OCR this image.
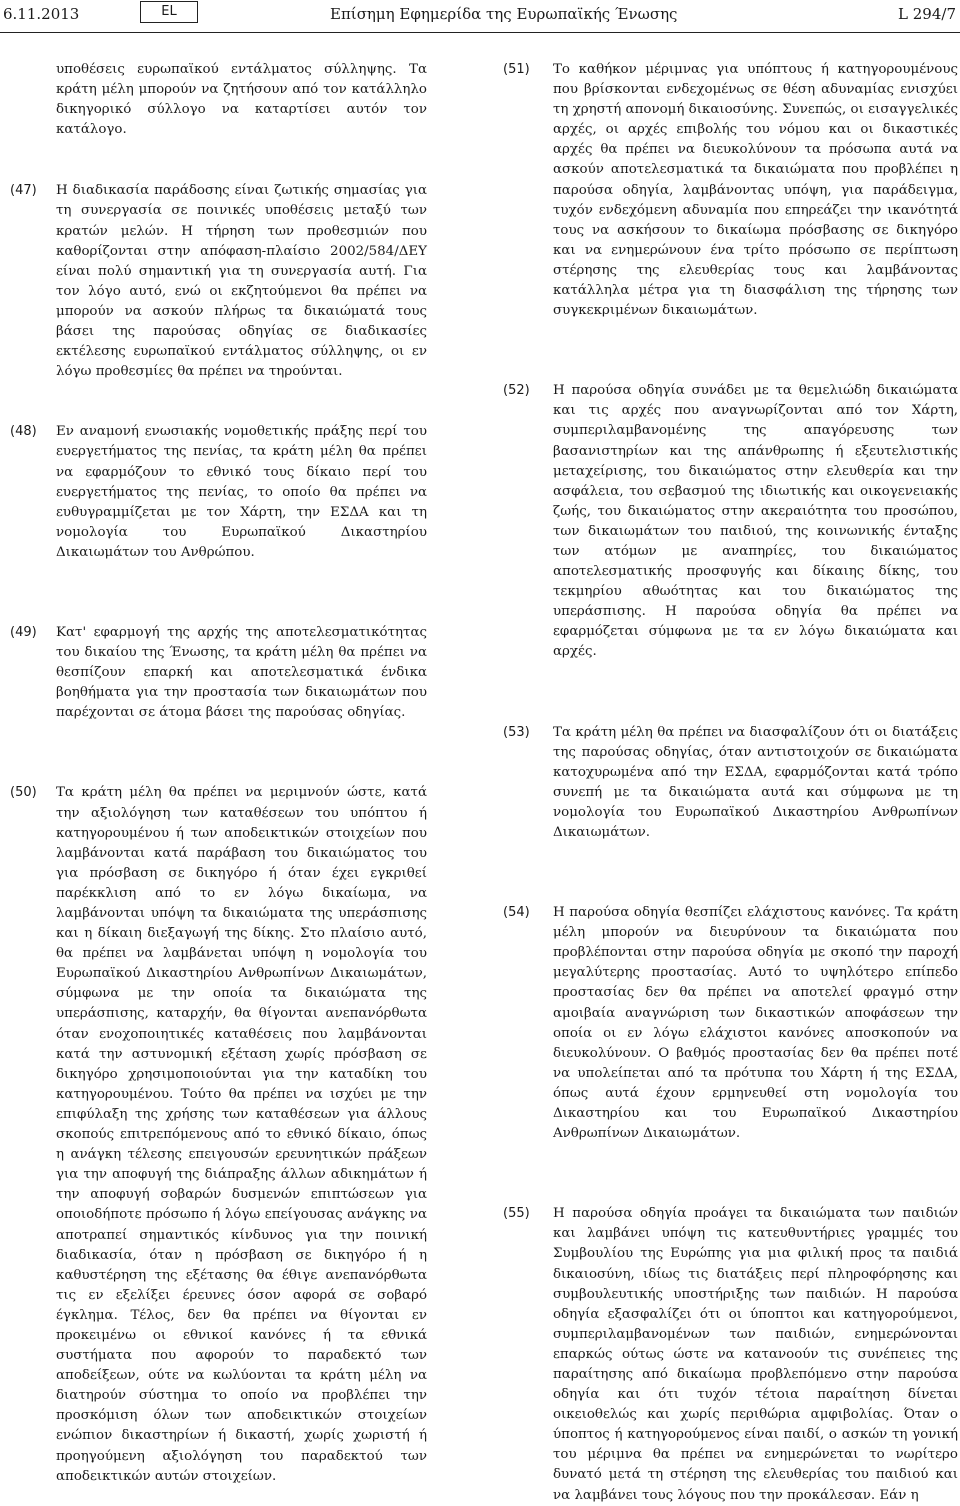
6.11.2013	EL	Επίσημη Εφημερίδα της Ευρωπαϊκής Ένωσης	L 294/7

υποθέσεις ευρωπαϊκού εντάλματος σύλληψης. Τα κράτη μέλη μπορούν να ζητήσουν από τον κατάλληλο δικηγορικό σύλλογο να καταρτίσει αυτόν τον κατάλογο.

(47) Η διαδικασία παράδοσης είναι ζωτικής σημασίας για τη συνεργασία σε ποινικές υποθέσεις μεταξύ των κρατών μελών. Η τήρηση των προθεσμιών που καθορίζονται στην απόφαση-πλαίσιο 2002/584/ΔΕΥ είναι πολύ σημαντική για τη συνεργασία αυτή. Για τον λόγο αυτό, ενώ οι εκζητούμενοι θα πρέπει να μπορούν να ασκούν πλήρως τα δικαιώματά τους βάσει της παρούσας οδηγίας σε διαδικασίες εκτέλεσης ευρωπαϊκού εντάλματος σύλληψης, οι εν λόγω προθεσμίες θα πρέπει να τηρούνται.

(48) Εν αναμονή ενωσιακής νομοθετικής πράξης περί του ευεργετήματος της πενίας, τα κράτη μέλη θα πρέπει να εφαρμόζουν το εθνικό τους δίκαιο περί του ευεργετήματος της πενίας, το οποίο θα πρέπει να ευθυγραμμίζεται με τον Χάρτη, την ΕΣΔΑ και τη νομολογία του Ευρωπαϊκού Δικαστηρίου Δικαιωμάτων του Ανθρώπου.

(49) Κατ' εφαρμογή της αρχής της αποτελεσματικότητας του δικαίου της Ένωσης, τα κράτη μέλη θα πρέπει να θεσπίζουν επαρκή και αποτελεσματικά ένδικα βοηθήματα για την προστασία των δικαιωμάτων που παρέχονται σε άτομα βάσει της παρούσας οδηγίας.

(50) Τα κράτη μέλη θα πρέπει να μεριμνούν ώστε, κατά την αξιολόγηση των καταθέσεων του υπόπτου ή κατηγορουμένου ή των αποδεικτικών στοιχείων που λαμβάνονται κατά παράβαση του δικαιώματος του για πρόσβαση σε δικηγόρο ή όταν έχει εγκριθεί παρέκκλιση από το εν λόγω δικαίωμα, να λαμβάνονται υπόψη τα δικαιώματα της υπεράσπισης και η δίκαιη διεξαγωγή της δίκης. Στο πλαίσιο αυτό, θα πρέπει να λαμβάνεται υπόψη η νομολογία του Ευρωπαϊκού Δικαστηρίου Ανθρωπίνων Δικαιωμάτων, σύμφωνα με την οποία τα δικαιώματα της υπεράσπισης, καταρχήν, θα θίγονται ανεπανόρθωτα όταν ενοχοποιητικές καταθέσεις που λαμβάνονται κατά την αστυνομική εξέταση χωρίς πρόσβαση σε δικηγόρο χρησιμοποιούνται για την καταδίκη του κατηγορουμένου. Τούτο θα πρέπει να ισχύει με την επιφύλαξη της χρήσης των καταθέσεων για άλλους σκοπούς επιτρεπόμενους από το εθνικό δίκαιο, όπως η ανάγκη τέλεσης επειγουσών ερευνητικών πράξεων για την αποφυγή της διάπραξης άλλων αδικημάτων ή την αποφυγή σοβαρών δυσμενών επιπτώσεων για οποιοδήποτε πρόσωπο ή λόγω επείγουσας ανάγκης να αποτραπεί σημαντικός κίνδυνος για την ποινική διαδικασία, όταν η πρόσβαση σε δικηγόρο ή η καθυστέρηση της εξέτασης θα έθιγε ανεπανόρθωτα τις εν εξελίξει έρευνες όσον αφορά σε σοβαρό έγκλημα. Τέλος, δεν θα πρέπει να θίγονται εν προκειμένω οι εθνικοί κανόνες ή τα εθνικά συστήματα που αφορούν το παραδεκτό των αποδείξεων, ούτε να κωλύονται τα κράτη μέλη να διατηρούν σύστημα το οποίο να προβλέπει την προσκόμιση όλων των αποδεικτικών στοιχείων ενώπιον δικαστηρίων ή δικαστή, χωρίς χωριστή ή προηγούμενη αξιολόγηση του παραδεκτού των αποδεικτικών αυτών στοιχείων.

(51) Το καθήκον μέριμνας για υπόπτους ή κατηγορουμένους που βρίσκονται ενδεχομένως σε θέση αδυναμίας ενισχύει τη χρηστή απονομή δικαιοσύνης. Συνεπώς, οι εισαγγελικές αρχές, οι αρχές επιβολής του νόμου και οι δικαστικές αρχές θα πρέπει να διευκολύνουν τα πρόσωπα αυτά να ασκούν αποτελεσματικά τα δικαιώματα που προβλέπει η παρούσα οδηγία, λαμβάνοντας υπόψη, για παράδειγμα, τυχόν ενδεχόμενη αδυναμία που επηρεάζει την ικανότητά τους να ασκήσουν το δικαίωμα πρόσβασης σε δικηγόρο και να ενημερώνουν ένα τρίτο πρόσωπο σε περίπτωση στέρησης της ελευθερίας τους και λαμβάνοντας κατάλληλα μέτρα για τη διασφάλιση της τήρησης των συγκεκριμένων δικαιωμάτων.

(52) Η παρούσα οδηγία συνάδει με τα θεμελιώδη δικαιώματα και τις αρχές που αναγνωρίζονται από τον Χάρτη, συμπεριλαμβανομένης της απαγόρευσης των βασανιστηρίων και της απάνθρωπης ή εξευτελιστικής μεταχείρισης, του δικαιώματος στην ελευθερία και την ασφάλεια, του σεβασμού της ιδιωτικής και οικογενειακής ζωής, του δικαιώματος στην ακεραιότητα του προσώπου, των δικαιωμάτων του παιδιού, της κοινωνικής ένταξης των ατόμων με αναπηρίες, του δικαιώματος αποτελεσματικής προσφυγής και δίκαιης δίκης, του τεκμηρίου αθωότητας και του δικαιώματος της υπεράσπισης. Η παρούσα οδηγία θα πρέπει να εφαρμόζεται σύμφωνα με τα εν λόγω δικαιώματα και αρχές.

(53) Τα κράτη μέλη θα πρέπει να διασφαλίζουν ότι οι διατάξεις της παρούσας οδηγίας, όταν αντιστοιχούν σε δικαιώματα κατοχυρωμένα από την ΕΣΔΑ, εφαρμόζονται κατά τρόπο συνεπή με τα δικαιώματα αυτά και σύμφωνα με τη νομολογία του Ευρωπαϊκού Δικαστηρίου Ανθρωπίνων Δικαιωμάτων.

(54) Η παρούσα οδηγία θεσπίζει ελάχιστους κανόνες. Τα κράτη μέλη μπορούν να διευρύνουν τα δικαιώματα που προβλέπονται στην παρούσα οδηγία με σκοπό την παροχή μεγαλύτερης προστασίας. Αυτό το υψηλότερο επίπεδο προστασίας δεν θα πρέπει να αποτελεί φραγμό στην αμοιβαία αναγνώριση των δικαστικών αποφάσεων την οποία οι εν λόγω ελάχιστοι κανόνες αποσκοπούν να διευκολύνουν. Ο βαθμός προστασίας δεν θα πρέπει ποτέ να υπολείπεται από τα πρότυπα του Χάρτη ή της ΕΣΔΑ, όπως αυτά έχουν ερμηνευθεί στη νομολογία του Δικαστηρίου και του Ευρωπαϊκού Δικαστηρίου Ανθρωπίνων Δικαιωμάτων.

(55) Η παρούσα οδηγία προάγει τα δικαιώματα των παιδιών και λαμβάνει υπόψη τις κατευθυντήριες γραμμές του Συμβουλίου της Ευρώπης για μια φιλική προς τα παιδιά δικαιοσύνη, ιδίως τις διατάξεις περί πληροφόρησης και συμβουλευτικής υποστήριξης των παιδιών. Η παρούσα οδηγία εξασφαλίζει ότι οι ύποπτοι και κατηγορούμενοι, συμπεριλαμβανομένων των παιδιών, ενημερώνονται επαρκώς ούτως ώστε να κατανοούν τις συνέπειες της παραίτησης από δικαίωμα προβλεπόμενο στην παρούσα οδηγία και ότι τυχόν τέτοια παραίτηση δίνεται οικειοθελώς και χωρίς περιθώρια αμφιβολίας. Όταν ο ύποπτος ή κατηγορούμενος είναι παιδί, ο ασκών τη γονική του μέριμνα θα πρέπει να ενημερώνεται το νωρίτερο δυνατό μετά τη στέρηση της ελευθερίας του παιδιού και να λαμβάνει τους λόγους που την προκάλεσαν. Εάν η
